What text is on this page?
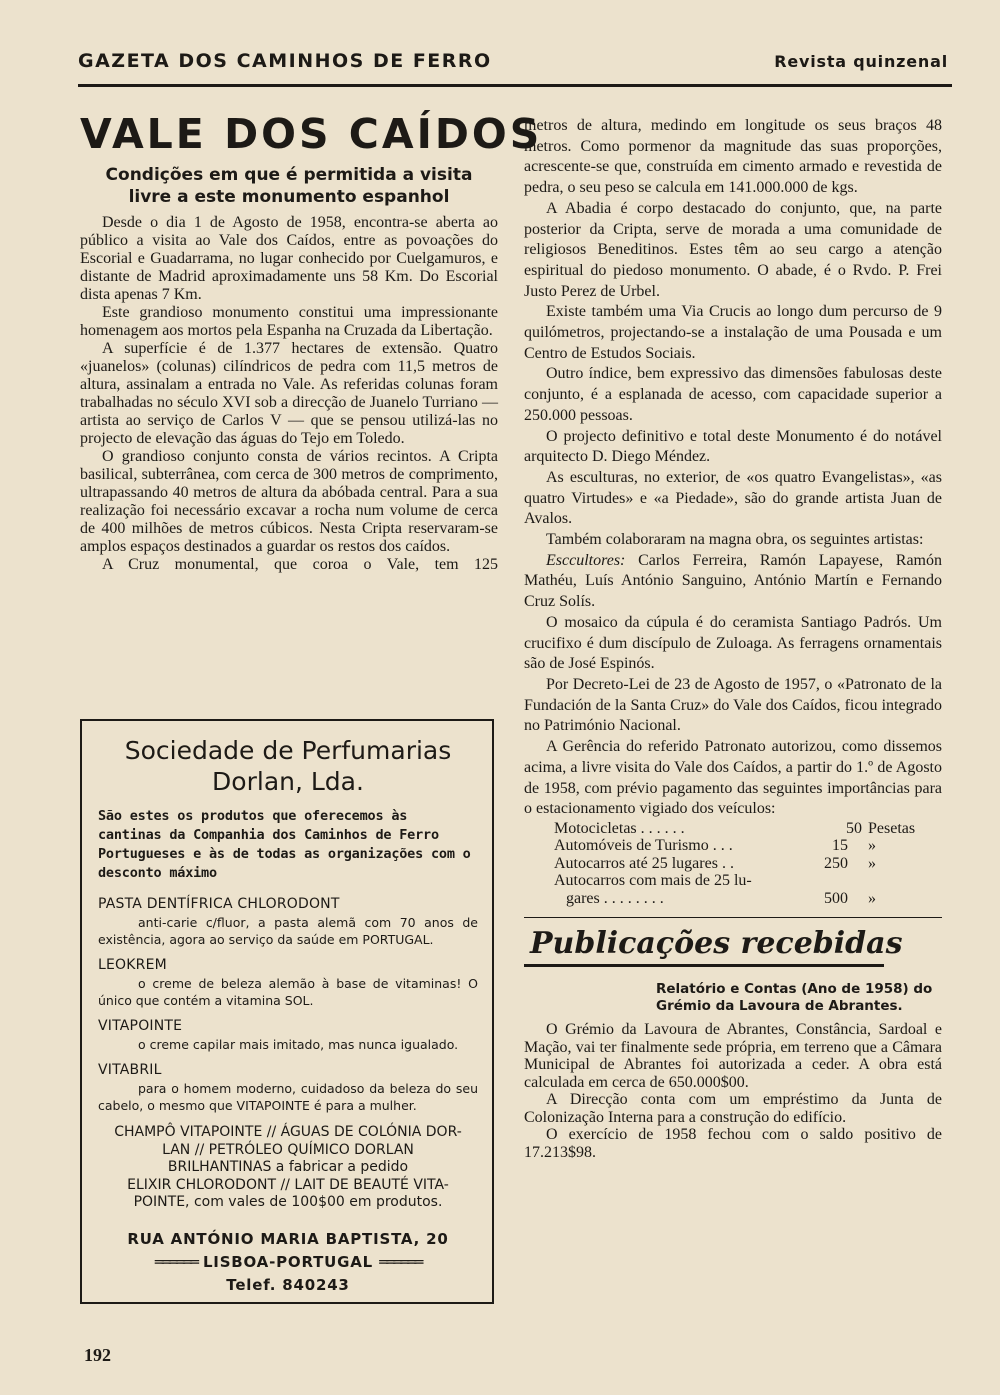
GAZETA DOS CAMINHOS DE FERRO	Revista quinzenal
VALE DOS CAÍDOS
Condições em que é permitida a visita
livre a este monumento espanhol

Desde o dia 1 de Agosto de 1958, encontra-se aberta ao público a visita ao Vale dos Caídos, entre as povoações do Escorial e Guadarrama, no lugar conhecido por Cuelgamuros, e distante de Madrid aproximadamente uns 58 Km. Do Escorial dista apenas 7 Km.

Este grandioso monumento constitui uma impressionante homenagem aos mortos pela Espanha na Cruzada da Libertação.

A superfície é de 1.377 hectares de extensão. Quatro «juanelos» (colunas) cilíndricos de pedra com 11,5 metros de altura, assinalam a entrada no Vale. As referidas colunas foram trabalhadas no século XVI sob a direcção de Juanelo Turriano — artista ao serviço de Carlos V — que se pensou utilizá-las no projecto de elevação das águas do Tejo em Toledo.

O grandioso conjunto consta de vários recintos. A Cripta basilical, subterrânea, com cerca de 300 metros de comprimento, ultrapassando 40 metros de altura da abóbada central. Para a sua realização foi necessário excavar a rocha num volume de cerca de 400 milhões de metros cúbicos. Nesta Cripta reservaram-se amplos espaços destinados a guardar os restos dos caídos.

A Cruz monumental, que coroa o Vale, tem 125

Sociedade de Perfumarias
Dorlan, Lda.

São estes os produtos que oferecemos às cantinas da Companhia dos Caminhos de Ferro Portugueses e às de todas as organizações com o desconto máximo

PASTA DENTÍFRICA CHLORODONT
anti-carie c/fluor, a pasta alemã com 70 anos de existência, agora ao serviço da saúde em PORTUGAL.
LEOKREM
o creme de beleza alemão à base de vitaminas! O único que contém a vitamina SOL.
VITAPOINTE
o creme capilar mais imitado, mas nunca igualado.
VITABRIL
para o homem moderno, cuidadoso da beleza do seu cabelo, o mesmo que VITAPOINTE é para a mulher.
CHAMPÔ VITAPOINTE // ÁGUAS DE COLÓNIA DOR-
LAN // PETRÓLEO QUÍMICO DORLAN
BRILHANTINAS a fabricar a pedido
ELIXIR CHLORODONT // LAIT DE BEAUTÉ VITA-
POINTE, com vales de 100$00 em produtos.
RUA ANTÓNIO MARIA BAPTISTA, 20
══════ LISBOA-PORTUGAL ══════
Telef. 840243
192

metros de altura, medindo em longitude os seus braços 48 metros. Como pormenor da magnitude das suas proporções, acrescente-se que, construída em cimento armado e revestida de pedra, o seu peso se calcula em 141.000.000 de kgs.

A Abadia é corpo destacado do conjunto, que, na parte posterior da Cripta, serve de morada a uma comunidade de religiosos Beneditinos. Estes têm ao seu cargo a atenção espiritual do piedoso monumento. O abade, é o Rvdo. P. Frei Justo Perez de Urbel.

Existe também uma Via Crucis ao longo dum percurso de 9 quilómetros, projectando-se a instalação de uma Pousada e um Centro de Estudos Sociais.

Outro índice, bem expressivo das dimensões fabulosas deste conjunto, é a esplanada de acesso, com capacidade superior a 250.000 pessoas.

O projecto definitivo e total deste Monumento é do notável arquitecto D. Diego Méndez.

As esculturas, no exterior, de «os quatro Evangelistas», «as quatro Virtudes» e «a Piedade», são do grande artista Juan de Avalos.

Também colaboraram na magna obra, os seguintes artistas:

Esccultores: Carlos Ferreira, Ramón Lapayese, Ramón Mathéu, Luís António Sanguino, António Martín e Fernando Cruz Solís.

O mosaico da cúpula é do ceramista Santiago Padrós. Um crucifixo é dum discípulo de Zuloaga. As ferragens ornamentais são de José Espinós.

Por Decreto-Lei de 23 de Agosto de 1957, o «Patronato de la Fundación de la Santa Cruz» do Vale dos Caídos, ficou integrado no Património Nacional.

A Gerência do referido Patronato autorizou, como dissemos acima, a livre visita do Vale dos Caídos, a partir do 1.º de Agosto de 1958, com prévio pagamento das seguintes importâncias para o estacionamento vigiado dos veículos:

Motocicletas . . . . . .	50 Pesetas
Automóveis de Turismo . . .	15	»
Autocarros até 25 lugares . .	250	»
Autocarros com mais de 25 lu-
gares . . . . . . . .	500	»
Publicações recebidas
Relatório e Contas (Ano de 1958) do
Grémio da Lavoura de Abrantes.

O Grémio da Lavoura de Abrantes, Constância, Sardoal e Mação, vai ter finalmente sede própria, em terreno que a Câmara Municipal de Abrantes foi autorizada a ceder. A obra está calculada em cerca de 650.000$00.

A Direcção conta com um empréstimo da Junta de Colonização Interna para a construção do edifício.

O exercício de 1958 fechou com o saldo positivo de 17.213$98.
